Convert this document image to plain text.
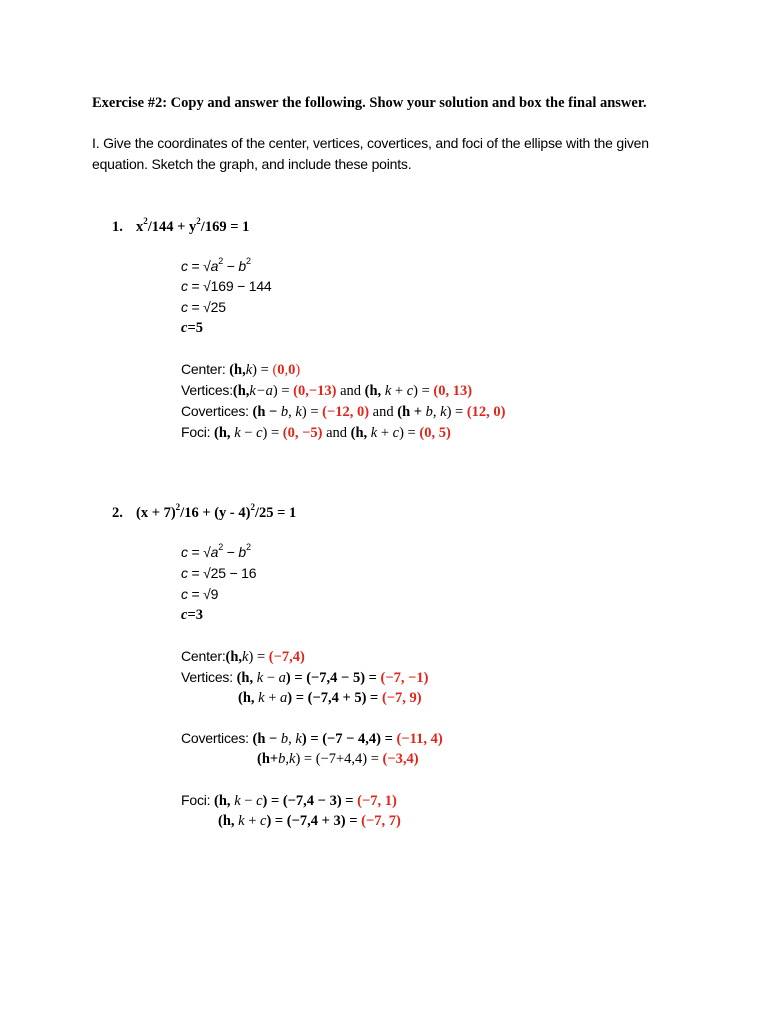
Exercise #2: Copy and answer the following. Show your solution and box the final answer.
I. Give the coordinates of the center, vertices, covertices, and foci of the ellipse with the given
equation. Sketch the graph, and include these points.
1. $x^2/144 + y^2/169 = 1$
$c = √a^2 - b^2$
c = √169 − 144
c = √25
c=5
Center: (h,k) = (0,0)
Vertices:(h,k−a) = (0,−13) and (h, k + c) = (0, 13)
Covertices: (h − b, k) = (−12, 0) and (h + b, k) = (12, 0)
Foci: (h, k − c) = (0, −5) and (h, k + c) = (0, 5)
2. $(x + 7)^2/16 + (y - 4)^2/25 = 1$
$c = √a^2 - b^2$
c = √25 − 16
c = √9
c=3
Center:(h,k) = (−7,4)
Vertices: (h, k − a) = (−7,4 − 5) = (−7, −1)
(h, k + a) = (−7,4 + 5) = (−7, 9)
Covertices: (h − b, k) = (−7 − 4,4) = (−11, 4)
(h+b,k) = (−7+4,4) = (−3,4)
Foci: (h, k − c) = (−7,4 − 3) = (−7, 1)
(h, k + c) = (−7,4 + 3) = (−7, 7)
